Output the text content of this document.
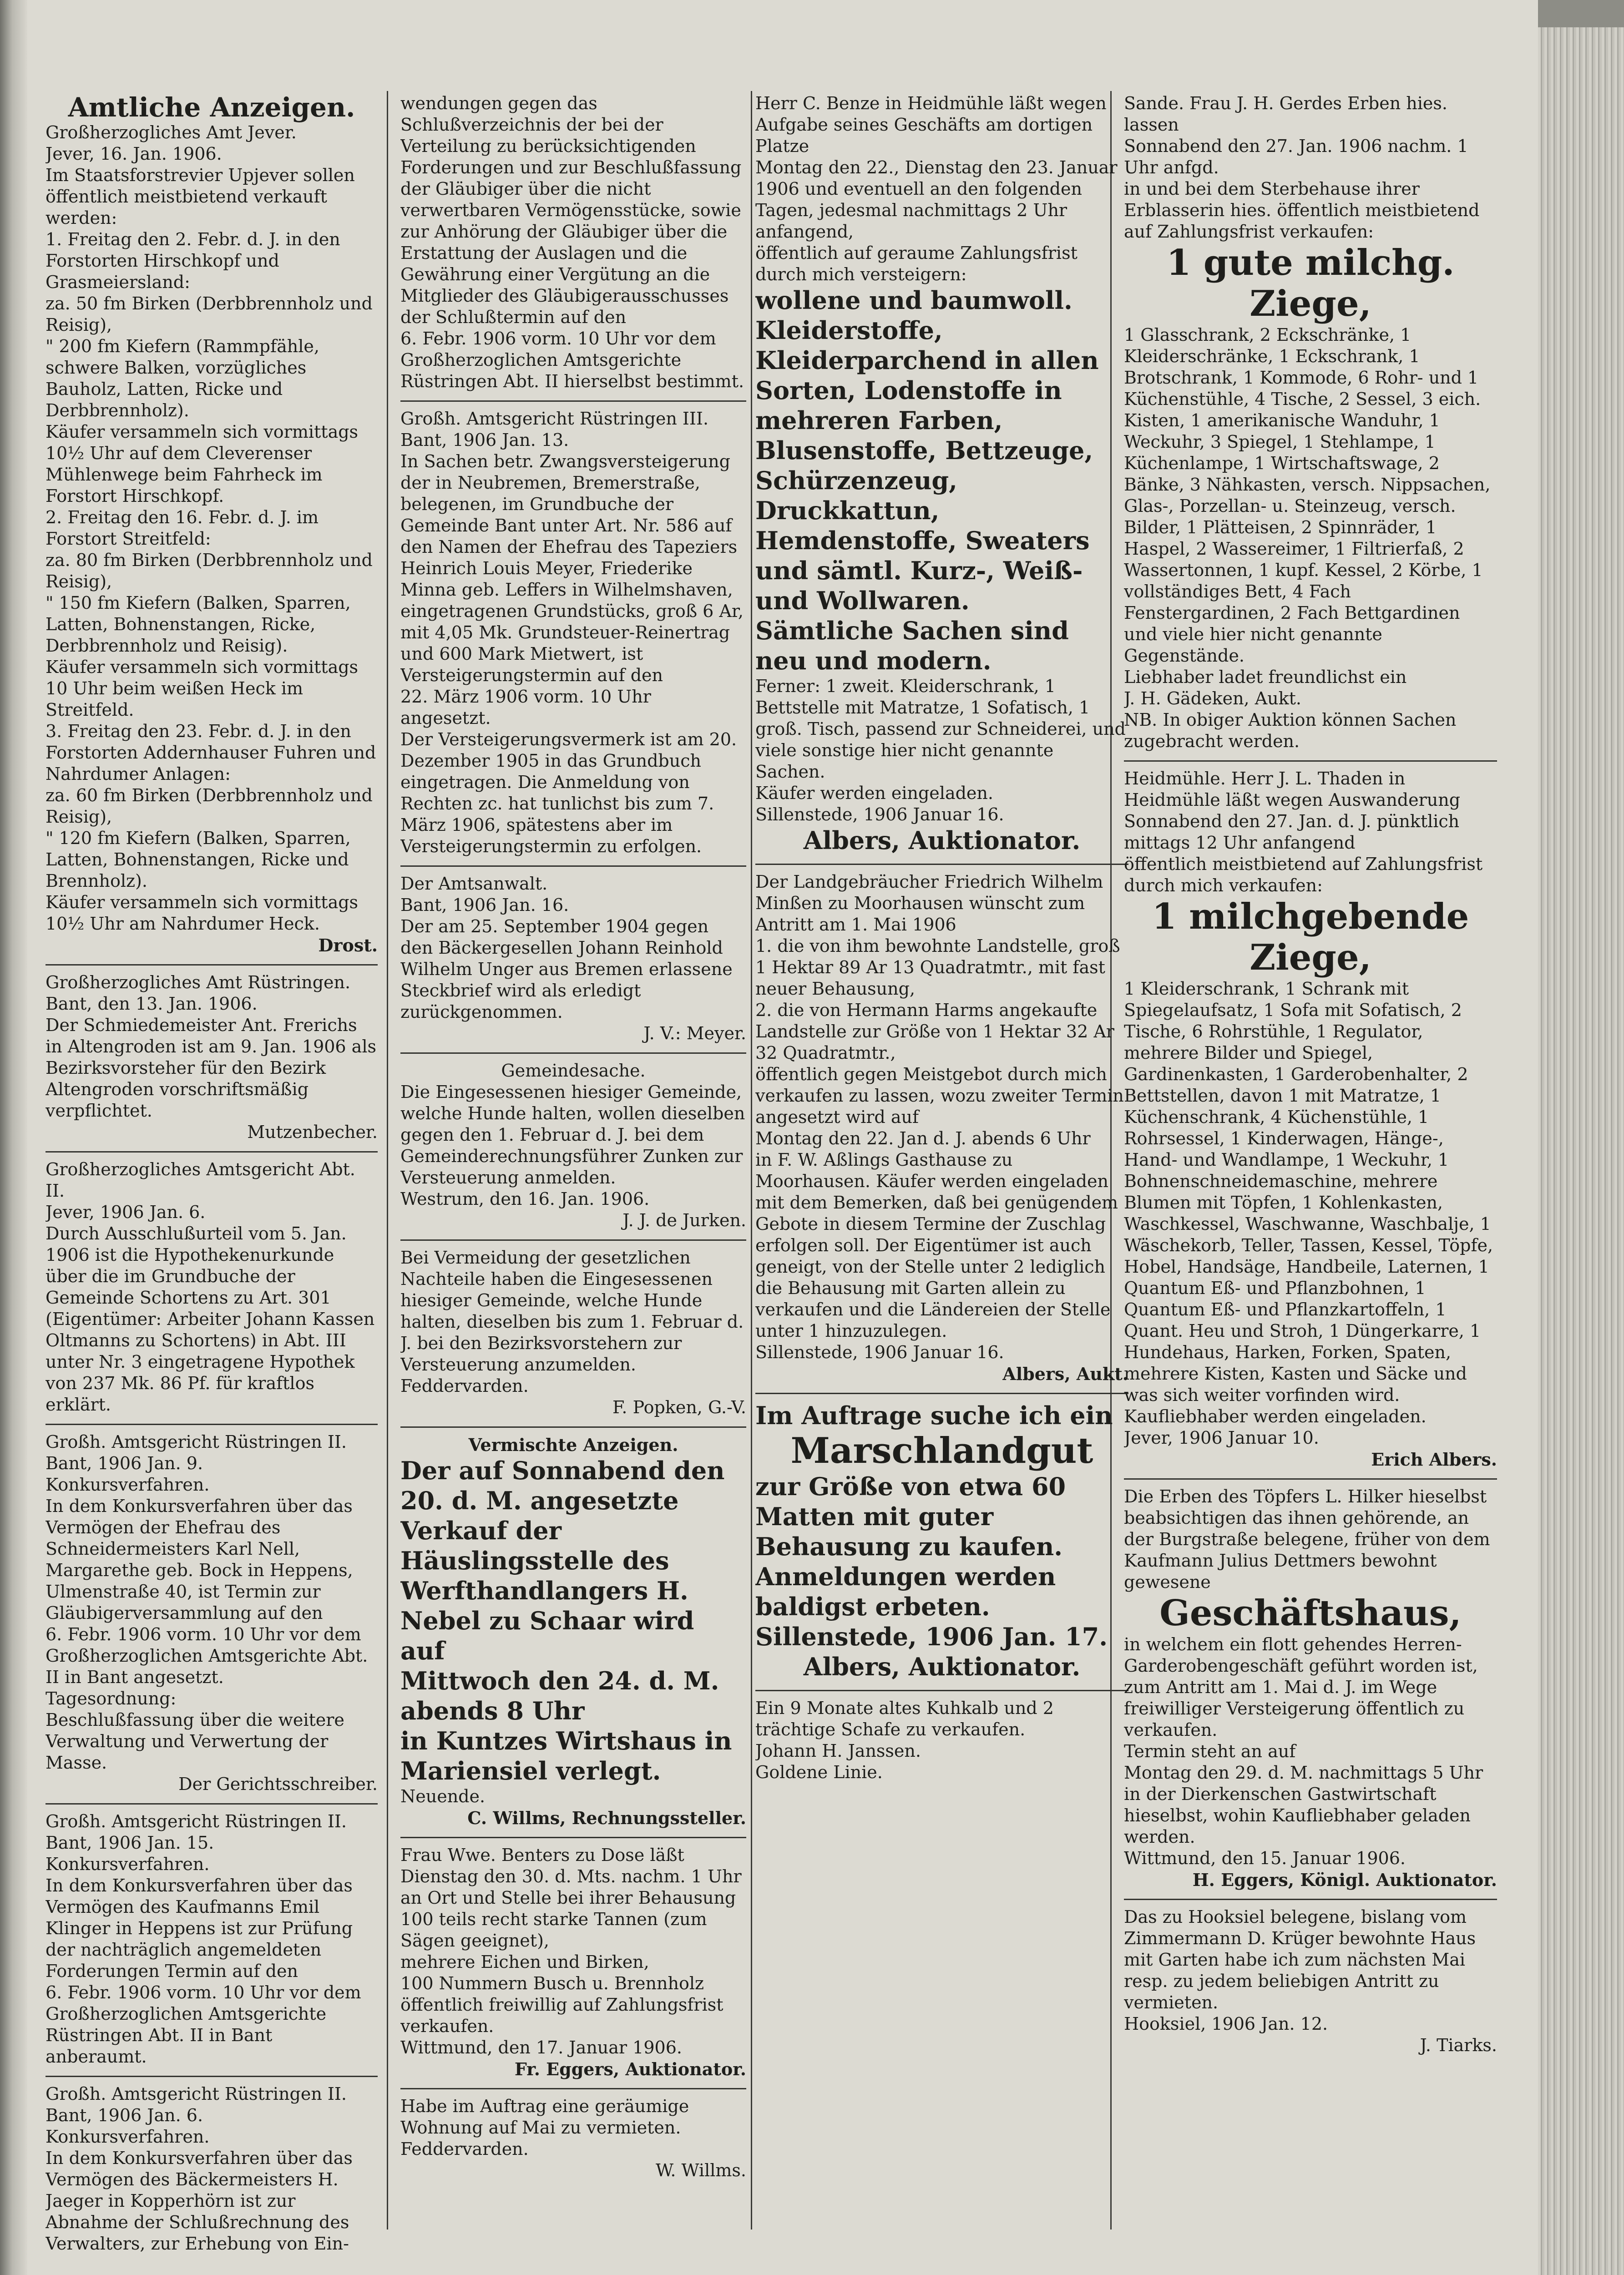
Amtliche Anzeigen.

Großherzogliches Amt Jever.
Jever, 16. Jan. 1906.
Im Staatsforstrevier Upjever sollen öffentlich meistbietend verkauft werden:
1. Freitag den 2. Febr. d. J. in den Forstorten Hirschkopf und Grasmeiersland:
za. 50 fm Birken (Derbbrennholz und Reisig),
" 200 fm Kiefern (Rammpfähle, schwere Balken, vorzügliches Bauholz, Latten, Ricke und Derbbrennholz).
Käufer versammeln sich vormittags 10½ Uhr auf dem Cleverenser Mühlenwege beim Fahrheck im Forstort Hirschkopf.
2. Freitag den 16. Febr. d. J. im Forstort Streitfeld:
za. 80 fm Birken (Derbbrennholz und Reisig),
" 150 fm Kiefern (Balken, Sparren, Latten, Bohnenstangen, Ricke, Derbbrennholz und Reisig).
Käufer versammeln sich vormittags 10 Uhr beim weißen Heck im Streitfeld.
3. Freitag den 23. Febr. d. J. in den Forstorten Addernhauser Fuhren und Nahrdumer Anlagen:
za. 60 fm Birken (Derbbrennholz und Reisig),
" 120 fm Kiefern (Balken, Sparren, Latten, Bohnenstangen, Ricke und Brennholz).
Käufer versammeln sich vormittags 10½ Uhr am Nahrdumer Heck.

Drost.

Großherzogliches Amt Rüstringen.
Bant, den 13. Jan. 1906.
Der Schmiedemeister Ant. Frerichs in Altengroden ist am 9. Jan. 1906 als Bezirksvorsteher für den Bezirk Altengroden vorschriftsmäßig verpflichtet.

Mutzenbecher.

Großherzogliches Amtsgericht Abt. II.
Jever, 1906 Jan. 6.
Durch Ausschlußurteil vom 5. Jan. 1906 ist die Hypothekenurkunde über die im Grundbuche der Gemeinde Schortens zu Art. 301 (Eigentümer: Arbeiter Johann Kassen Oltmanns zu Schortens) in Abt. III unter Nr. 3 eingetragene Hypothek von 237 Mk. 86 Pf. für kraftlos erklärt.

Großh. Amtsgericht Rüstringen II.
Bant, 1906 Jan. 9.
Konkursverfahren.
In dem Konkursverfahren über das Vermögen der Ehefrau des Schneidermeisters Karl Nell, Margarethe geb. Bock in Heppens, Ulmenstraße 40, ist Termin zur Gläubigerversammlung auf den
6. Febr. 1906 vorm. 10 Uhr vor dem Großherzoglichen Amtsgerichte Abt. II in Bant angesetzt.
Tagesordnung:
Beschlußfassung über die weitere Verwaltung und Verwertung der Masse.

Der Gerichtsschreiber.

Großh. Amtsgericht Rüstringen II.
Bant, 1906 Jan. 15.
Konkursverfahren.
In dem Konkursverfahren über das Vermögen des Kaufmanns Emil Klinger in Heppens ist zur Prüfung der nachträglich angemeldeten Forderungen Termin auf den
6. Febr. 1906 vorm. 10 Uhr vor dem Großherzoglichen Amtsgerichte Rüstringen Abt. II in Bant anberaumt.

Großh. Amtsgericht Rüstringen II.
Bant, 1906 Jan. 6.
Konkursverfahren.
In dem Konkursverfahren über das Vermögen des Bäckermeisters H. Jaeger in Kopperhörn ist zur Abnahme der Schlußrechnung des Verwalters, zur Erhebung von Ein-

wendungen gegen das Schlußverzeichnis der bei der Verteilung zu berücksichtigenden Forderungen und zur Beschlußfassung der Gläubiger über die nicht verwertbaren Vermögensstücke, sowie zur Anhörung der Gläubiger über die Erstattung der Auslagen und die Gewährung einer Vergütung an die Mitglieder des Gläubigerausschusses der Schlußtermin auf den
6. Febr. 1906 vorm. 10 Uhr vor dem Großherzoglichen Amtsgerichte Rüstringen Abt. II hierselbst bestimmt.

Großh. Amtsgericht Rüstringen III.
Bant, 1906 Jan. 13.
In Sachen betr. Zwangsversteigerung der in Neubremen, Bremerstraße, belegenen, im Grundbuche der Gemeinde Bant unter Art. Nr. 586 auf den Namen der Ehefrau des Tapeziers Heinrich Louis Meyer, Friederike Minna geb. Leffers in Wilhelmshaven, eingetragenen Grundstücks, groß 6 Ar, mit 4,05 Mk. Grundsteuer-Reinertrag und 600 Mark Mietwert, ist Versteigerungstermin auf den
22. März 1906 vorm. 10 Uhr angesetzt.
Der Versteigerungsvermerk ist am 20. Dezember 1905 in das Grundbuch eingetragen. Die Anmeldung von Rechten zc. hat tunlichst bis zum 7. März 1906, spätestens aber im Versteigerungstermin zu erfolgen.

Der Amtsanwalt.
Bant, 1906 Jan. 16.
Der am 25. September 1904 gegen den Bäckergesellen Johann Reinhold Wilhelm Unger aus Bremen erlassene Steckbrief wird als erledigt zurückgenommen.

J. V.: Meyer.

Gemeindesache.

Die Eingesessenen hiesiger Gemeinde, welche Hunde halten, wollen dieselben gegen den 1. Februar d. J. bei dem Gemeinderechnungsführer Zunken zur Versteuerung anmelden.
Westrum, den 16. Jan. 1906.

J. J. de Jurken.

Bei Vermeidung der gesetzlichen Nachteile haben die Eingesessenen hiesiger Gemeinde, welche Hunde halten, dieselben bis zum 1. Februar d. J. bei den Bezirksvorstehern zur Versteuerung anzumelden.
Feddervarden.

F. Popken, G.-V.

Vermischte Anzeigen.

Der auf Sonnabend den 20. d. M. angesetzte Verkauf der Häuslingsstelle des Werfthandlangers H. Nebel zu Schaar wird auf
Mittwoch den 24. d. M. abends 8 Uhr
in Kuntzes Wirtshaus in Mariensiel verlegt.

Neuende.

C. Willms, Rechnungssteller.

Frau Wwe. Benters zu Dose läßt
Dienstag den 30. d. Mts. nachm. 1 Uhr
an Ort und Stelle bei ihrer Behausung
100 teils recht starke Tannen (zum Sägen geeignet),
mehrere Eichen und Birken,
100 Nummern Busch u. Brennholz
öffentlich freiwillig auf Zahlungsfrist verkaufen.
Wittmund, den 17. Januar 1906.

Fr. Eggers, Auktionator.

Habe im Auftrag eine geräumige Wohnung auf Mai zu vermieten.
Feddervarden.

W. Willms.

Herr C. Benze in Heidmühle läßt wegen Aufgabe seines Geschäfts am dortigen Platze
Montag den 22., Dienstag den 23. Januar 1906 und eventuell an den folgenden Tagen, jedesmal nachmittags 2 Uhr anfangend,
öffentlich auf geraume Zahlungsfrist durch mich versteigern:

wollene und baumwoll. Kleiderstoffe, Kleiderparchend in allen Sorten, Lodenstoffe in mehreren Farben, Blusenstoffe, Bettzeuge, Schürzenzeug, Druckkattun, Hemdenstoffe, Sweaters und sämtl. Kurz-, Weiß- und Wollwaren.
Sämtliche Sachen sind neu und modern.

Ferner: 1 zweit. Kleiderschrank, 1 Bettstelle mit Matratze, 1 Sofatisch, 1 groß. Tisch, passend zur Schneiderei, und viele sonstige hier nicht genannte Sachen.
Käufer werden eingeladen.
Sillenstede, 1906 Januar 16.

Albers, Auktionator.

Der Landgebräucher Friedrich Wilhelm Minßen zu Moorhausen wünscht zum Antritt am 1. Mai 1906
1. die von ihm bewohnte Landstelle, groß 1 Hektar 89 Ar 13 Quadratmtr., mit fast neuer Behausung,
2. die von Hermann Harms angekaufte Landstelle zur Größe von 1 Hektar 32 Ar 32 Quadratmtr.,
öffentlich gegen Meistgebot durch mich verkaufen zu lassen, wozu zweiter Termin angesetzt wird auf
Montag den 22. Jan d. J. abends 6 Uhr
in F. W. Aßlings Gasthause zu Moorhausen. Käufer werden eingeladen mit dem Bemerken, daß bei genügendem Gebote in diesem Termine der Zuschlag erfolgen soll. Der Eigentümer ist auch geneigt, von der Stelle unter 2 lediglich die Behausung mit Garten allein zu verkaufen und die Ländereien der Stelle unter 1 hinzuzulegen.
Sillenstede, 1906 Januar 16.

Albers, Aukt.

Im Auftrage suche ich ein

Marschlandgut

zur Größe von etwa 60 Matten mit guter Behausung zu kaufen.
Anmeldungen werden baldigst erbeten.
Sillenstede, 1906 Jan. 17.

Albers, Auktionator.

Ein 9 Monate altes Kuhkalb und 2 trächtige Schafe zu verkaufen.
Johann H. Janssen.
Goldene Linie.

Sande. Frau J. H. Gerdes Erben hies. lassen
Sonnabend den 27. Jan. 1906 nachm. 1 Uhr anfgd.
in und bei dem Sterbehause ihrer Erblasserin hies. öffentlich meistbietend auf Zahlungsfrist verkaufen:

1 gute milchg. Ziege,

1 Glasschrank, 2 Eckschränke, 1 Kleiderschränke, 1 Eckschrank, 1 Brotschrank, 1 Kommode, 6 Rohr- und 1 Küchenstühle, 4 Tische, 2 Sessel, 3 eich. Kisten, 1 amerikanische Wanduhr, 1 Weckuhr, 3 Spiegel, 1 Stehlampe, 1 Küchenlampe, 1 Wirtschaftswage, 2 Bänke, 3 Nähkasten, versch. Nippsachen, Glas-, Porzellan- u. Steinzeug, versch. Bilder, 1 Plätteisen, 2 Spinnräder, 1 Haspel, 2 Wassereimer, 1 Filtrierfaß, 2 Wassertonnen, 1 kupf. Kessel, 2 Körbe, 1 vollständiges Bett, 4 Fach Fenstergardinen, 2 Fach Bettgardinen und viele hier nicht genannte Gegenstände.
Liebhaber ladet freundlichst ein
J. H. Gädeken, Aukt.
NB. In obiger Auktion können Sachen zugebracht werden.

Heidmühle. Herr J. L. Thaden in Heidmühle läßt wegen Auswanderung
Sonnabend den 27. Jan. d. J. pünktlich mittags 12 Uhr anfangend
öffentlich meistbietend auf Zahlungsfrist durch mich verkaufen:

1 milchgebende Ziege,

1 Kleiderschrank, 1 Schrank mit Spiegelaufsatz, 1 Sofa mit Sofatisch, 2 Tische, 6 Rohrstühle, 1 Regulator, mehrere Bilder und Spiegel, Gardinenkasten, 1 Garderobenhalter, 2 Bettstellen, davon 1 mit Matratze, 1 Küchenschrank, 4 Küchenstühle, 1 Rohrsessel, 1 Kinderwagen, Hänge-, Hand- und Wandlampe, 1 Weckuhr, 1 Bohnenschneidemaschine, mehrere Blumen mit Töpfen, 1 Kohlenkasten, Waschkessel, Waschwanne, Waschbalje, 1 Wäschekorb, Teller, Tassen, Kessel, Töpfe, Hobel, Handsäge, Handbeile, Laternen, 1 Quantum Eß- und Pflanzbohnen, 1 Quantum Eß- und Pflanzkartoffeln, 1 Quant. Heu und Stroh, 1 Düngerkarre, 1 Hundehaus, Harken, Forken, Spaten, mehrere Kisten, Kasten und Säcke und was sich weiter vorfinden wird.
Kaufliebhaber werden eingeladen.
Jever, 1906 Januar 10.

Erich Albers.

Die Erben des Töpfers L. Hilker hieselbst beabsichtigen das ihnen gehörende, an der Burgstraße belegene, früher von dem Kaufmann Julius Dettmers bewohnt gewesene

Geschäftshaus,

in welchem ein flott gehendes Herren-Garderobengeschäft geführt worden ist, zum Antritt am 1. Mai d. J. im Wege freiwilliger Versteigerung öffentlich zu verkaufen.
Termin steht an auf
Montag den 29. d. M. nachmittags 5 Uhr
in der Dierkenschen Gastwirtschaft hieselbst, wohin Kaufliebhaber geladen werden.
Wittmund, den 15. Januar 1906.

H. Eggers, Königl. Auktionator.

Das zu Hooksiel belegene, bislang vom Zimmermann D. Krüger bewohnte Haus mit Garten habe ich zum nächsten Mai resp. zu jedem beliebigen Antritt zu vermieten.
Hooksiel, 1906 Jan. 12.

J. Tiarks.
